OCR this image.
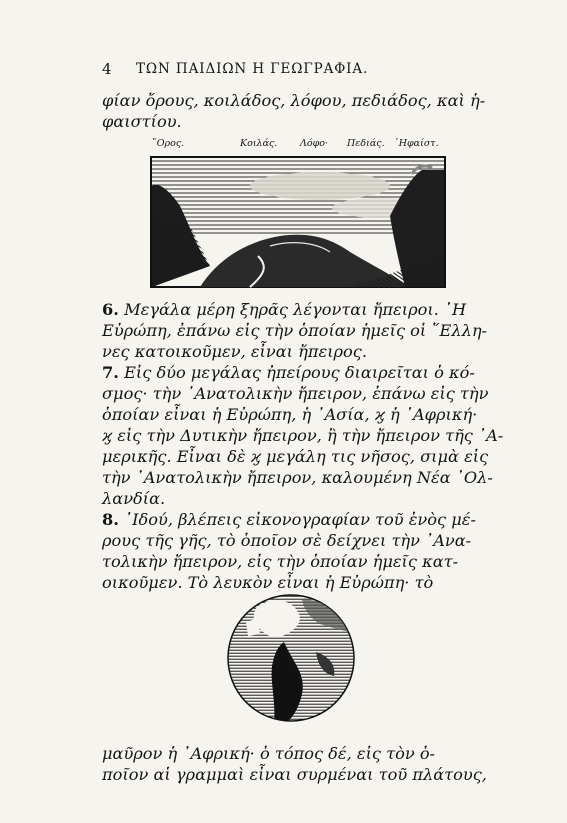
4 ΤΩΝ ΠΑΙΔΙΩΝ Η ΓΕΩΓΡΑΦΙΑ.
φίαν ὄρους, κοιλάδος, λόφου, πεδιάδος, καὶ ἡ-
φαιστίου.
῞Ορος.	Κοιλάς. Λόφο· Πεδιάς. ῾Ηφαίστ.
6. Μεγάλα μέρη ξηρᾶς λέγονται ἤπειροι. ῾Η
Εὐρώπη, ἐπάνω εἰς τὴν ὁποίαν ἡμεῖς οἱ ῞Ελλη-
νες κατοικοῦμεν, εἶναι ἤπειρος.
7. Εἰς δύο μεγάλας ἠπείρους διαιρεῖται ὁ κό-
σμος· τὴν ᾿Ανατολικὴν ἤπειρον, ἐπάνω εἰς τὴν
ὁποίαν εἶναι ἡ Εὐρώπη, ἡ ᾿Ασία, ϗ ἡ ᾿Αφρική·
ϗ εἰς τὴν Δυτικὴν ἤπειρον, ἢ τὴν ἤπειρον τῆς ᾿Α-
μερικῆς. Εἶναι δὲ ϗ μεγάλη τις νῆσος, σιμὰ εἰς
τὴν ᾿Ανατολικὴν ἤπειρον, καλουμένη Νέα ᾿Ολ-
λανδία.
8. ᾿Ιδού, βλέπεις εἰκονογραφίαν τοῦ ἑνὸς μέ-
ρους τῆς γῆς, τὸ ὁποῖον σὲ δείχνει τὴν ᾿Ανα-
τολικὴν ἤπειρον, εἰς τὴν ὁποίαν ἡμεῖς κατ-
οικοῦμεν. Τὸ λευκὸν εἶναι ἡ Εὐρώπη· τὸ
μαῦρον ἡ ᾿Αφρική· ὁ τόπος δέ, εἰς τὸν ὁ-
ποῖον αἱ γραμμαὶ εἶναι συρμέναι τοῦ πλάτους,
